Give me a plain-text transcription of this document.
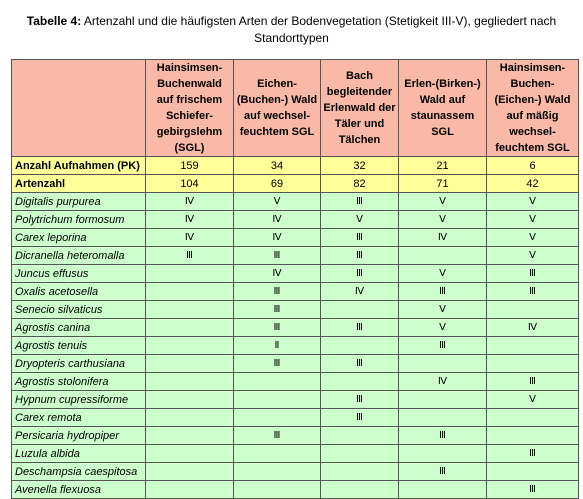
Tabelle 4: Artenzahl und die häufigsten Arten der Bodenvegetation (Stetigkeit III-V), gegliedert nach Standorttypen
	Hainsimsen-Buchenwald auf frischem Schiefer-gebirgslehm (SGL)	Eichen-(Buchen-) Wald auf wechsel-feuchtem SGL	Bach begleitender Erlenwald der Täler und Tälchen	Erlen-(Birken-) Wald auf staunassem SGL	Hainsimsen-Buchen-(Eichen-) Wald auf mäßig wechsel-feuchtem SGL
Anzahl Aufnahmen (PK)	159	34	32	21	6
Artenzahl	104	69	82	71	42
Digitalis purpurea	Ⅳ	Ⅴ	Ⅲ	Ⅴ	Ⅴ
Polytrichum formosum	Ⅳ	Ⅳ	Ⅴ	Ⅴ	Ⅴ
Carex leporina	Ⅳ	Ⅳ	Ⅲ	Ⅳ	Ⅴ
Dicranella heteromalla	Ⅲ	Ⅲ	Ⅲ		Ⅴ
Juncus effusus		Ⅳ	Ⅲ	Ⅴ	Ⅲ
Oxalis acetosella		Ⅲ	Ⅳ	Ⅲ	Ⅲ
Senecio silvaticus		Ⅲ		Ⅴ	
Agrostis canina		Ⅲ	Ⅲ	Ⅴ	Ⅳ
Agrostis tenuis		Ⅱ		Ⅲ	
Dryopteris carthusiana		Ⅲ	Ⅲ		
Agrostis stolonifera				Ⅳ	Ⅲ
Hypnum cupressiforme			Ⅲ		Ⅴ
Carex remota			Ⅲ		
Persicaria hydropiper		Ⅲ		Ⅲ	
Luzula albida					Ⅲ
Deschampsia caespitosa				Ⅲ	
Avenella flexuosa					Ⅲ
